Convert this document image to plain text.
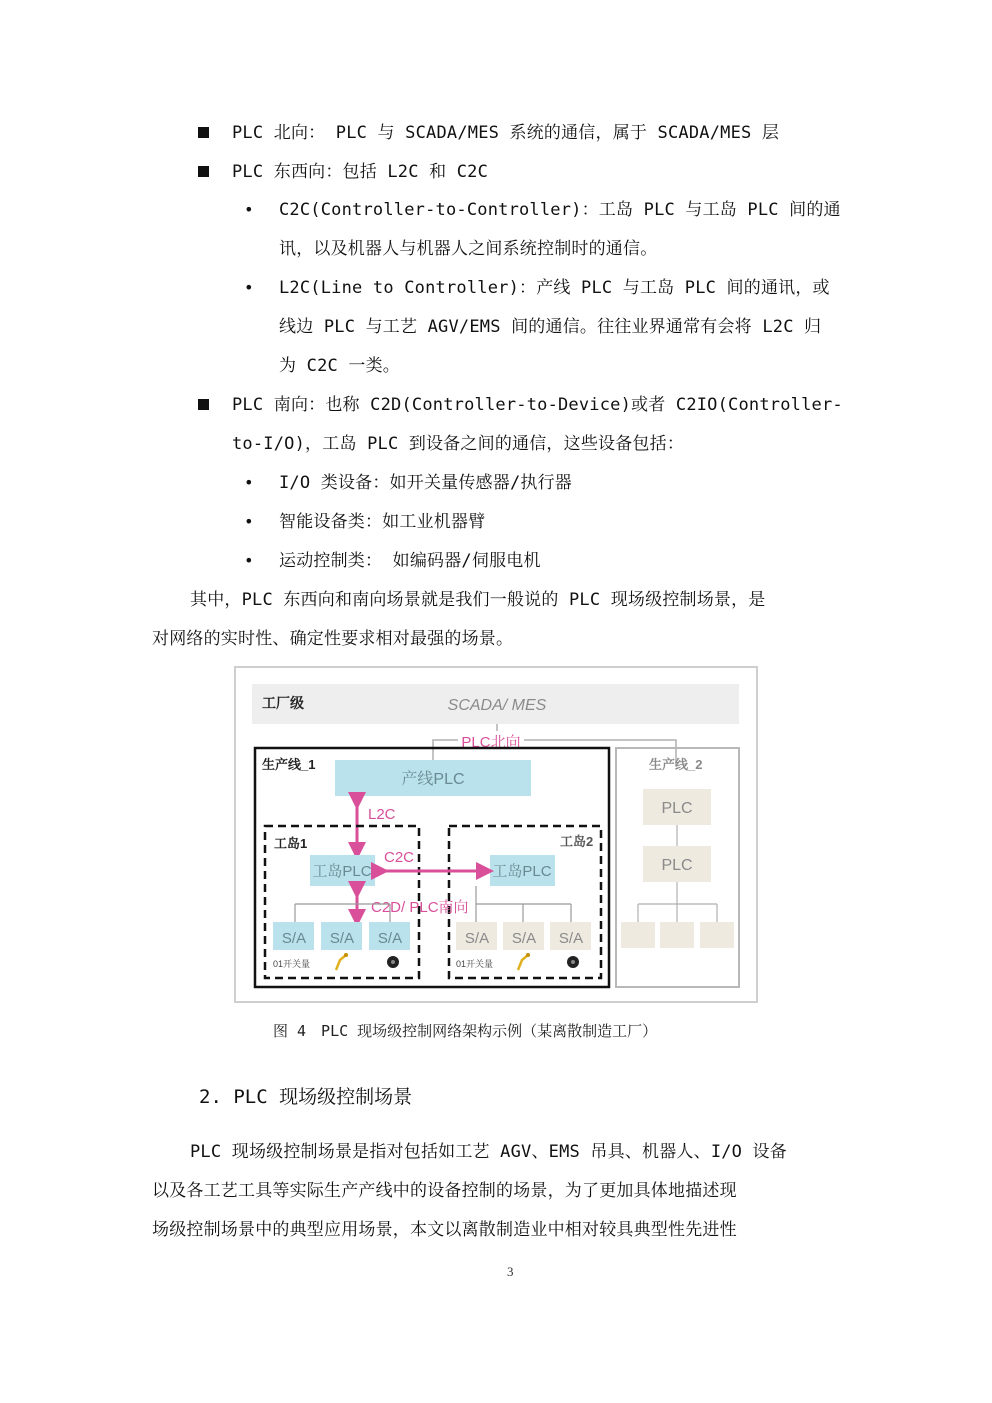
PLC 北向： PLC 与 SCADA/MES 系统的通信，属于 SCADA/MES 层
PLC 东西向：包括 L2C 和 C2C
• C2C(Controller-to-Controller)：工岛 PLC 与工岛 PLC 间的通
讯，以及机器人与机器人之间系统控制时的通信。
• L2C(Line to Controller)：产线 PLC 与工岛 PLC 间的通讯，或
线边 PLC 与工艺 AGV/EMS 间的通信。往往业界通常有会将 L2C 归
为 C2C 一类。
PLC 南向：也称 C2D(Controller-to-Device)或者 C2IO(Controller-
to-I/O)，工岛 PLC 到设备之间的通信，这些设备包括：
• I/O 类设备：如开关量传感器/执行器
• 智能设备类：如工业机器臂
• 运动控制类： 如编码器/伺服电机
其中，PLC 东西向和南向场景就是我们一般说的 PLC 现场级控制场景，是
对网络的实时性、确定性要求相对最强的场景。
工厂级	SCADA/ MES
PLC北向
生产线_1
产线PLC
L2C
工岛1	工岛2
工岛PLC	工岛PLC
C2C
C2D/ PLC南向
S/A S/A S/A	S/A S/A S/A
01开关量	01开关量
生产线_2
PLC
PLC
图 4　PLC 现场级控制网络架构示例（某离散制造工厂）
2. PLC 现场级控制场景
PLC 现场级控制场景是指对包括如工艺 AGV、EMS 吊具、机器人、I/O 设备
以及各工艺工具等实际生产产线中的设备控制的场景，为了更加具体地描述现
场级控制场景中的典型应用场景，本文以离散制造业中相对较具典型性先进性
3
